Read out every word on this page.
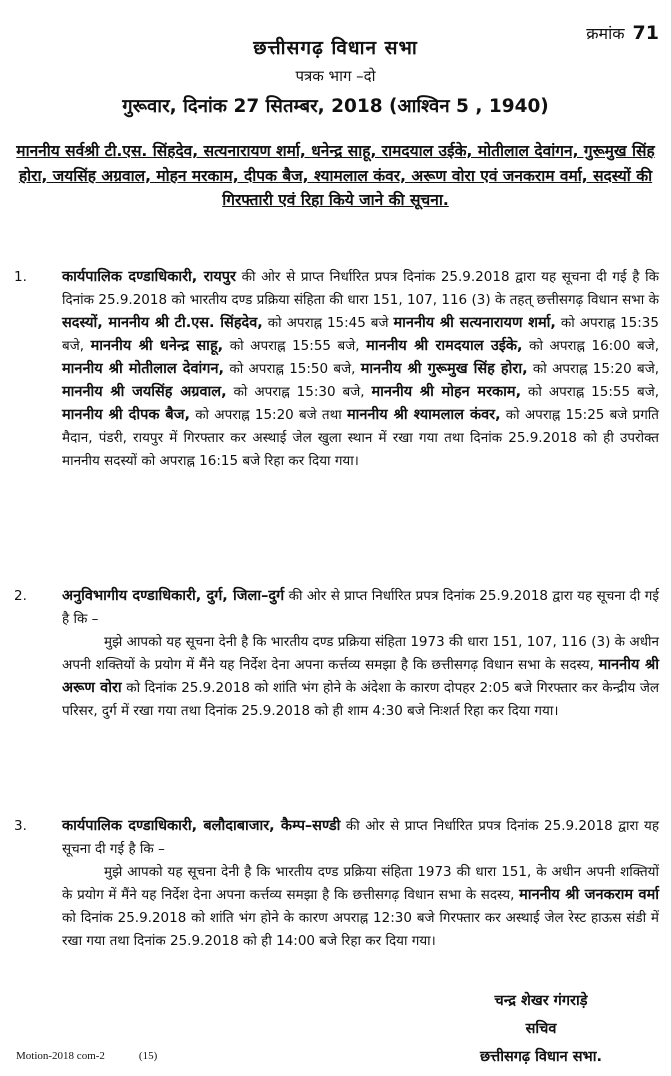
क्रमांक 71
छत्तीसगढ़ विधान सभा
पत्रक भाग –दो
गुरूवार, दिनांक 27 सितम्बर, 2018 (आश्विन 5 , 1940)
माननीय सर्वश्री टी.एस. सिंहदेव, सत्यनारायण शर्मा, धनेन्द्र साहू, रामदयाल उईके, मोतीलाल देवांगन, गुरूमुख सिंह होरा, जयसिंह अग्रवाल, मोहन मरकाम, दीपक बैज, श्यामलाल कंवर, अरूण वोरा एवं जनकराम वर्मा, सदस्यों की गिरफ्तारी एवं रिहा किये जाने की सूचना.
1.	कार्यपालिक दण्डाधिकारी, रायपुर की ओर से प्राप्त निर्धारित प्रपत्र दिनांक 25.9.2018 द्वारा यह सूचना दी गई है कि दिनांक 25.9.2018 को भारतीय दण्ड प्रक्रिया संहिता की धारा 151, 107, 116 (3) के तहत् छत्तीसगढ़ विधान सभा के सदस्यों, माननीय श्री टी.एस. सिंहदेव, को अपराह्न 15:45 बजे माननीय श्री सत्यनारायण शर्मा, को अपराह्न 15:35 बजे, माननीय श्री धनेन्द्र साहू, को अपराह्न 15:55 बजे, माननीय श्री रामदयाल उईके, को अपराह्न 16:00 बजे, माननीय श्री मोतीलाल देवांगन, को अपराह्न 15:50 बजे, माननीय श्री गुरूमुख सिंह होरा, को अपराह्न 15:20 बजे, माननीय श्री जयसिंह अग्रवाल, को अपराह्न 15:30 बजे, माननीय श्री मोहन मरकाम, को अपराह्न 15:55 बजे, माननीय श्री दीपक बैज, को अपराह्न 15:20 बजे तथा माननीय श्री श्यामलाल कंवर, को अपराह्न 15:25 बजे प्रगति मैदान, पंडरी, रायपुर में गिरफ्तार कर अस्थाई जेल खुला स्थान में रखा गया तथा दिनांक 25.9.2018 को ही उपरोक्त माननीय सदस्यों को अपराह्न 16:15 बजे रिहा कर दिया गया।
2.	अनुविभागीय दण्डाधिकारी, दुर्ग, जिला–दुर्ग की ओर से प्राप्त निर्धारित प्रपत्र दिनांक 25.9.2018 द्वारा यह सूचना दी गई है कि –
मुझे आपको यह सूचना देनी है कि भारतीय दण्ड प्रक्रिया संहिता 1973 की धारा 151, 107, 116 (3) के अधीन अपनी शक्तियों के प्रयोग में मैंने यह निर्देश देना अपना कर्त्तव्य समझा है कि छत्तीसगढ़ विधान सभा के सदस्य, माननीय श्री अरूण वोरा को दिनांक 25.9.2018 को शांति भंग होने के अंदेशा के कारण दोपहर 2:05 बजे गिरफ्तार कर केन्द्रीय जेल परिसर, दुर्ग में रखा गया तथा दिनांक 25.9.2018 को ही शाम 4:30 बजे निःशर्त रिहा कर दिया गया।
3.	कार्यपालिक दण्डाधिकारी, बलौदाबाजार, कैम्प–सण्डी की ओर से प्राप्त निर्धारित प्रपत्र दिनांक 25.9.2018 द्वारा यह सूचना दी गई है कि –
मुझे आपको यह सूचना देनी है कि भारतीय दण्ड प्रक्रिया संहिता 1973 की धारा 151, के अधीन अपनी शक्तियों के प्रयोग में मैंने यह निर्देश देना अपना कर्त्तव्य समझा है कि छत्तीसगढ़ विधान सभा के सदस्य, माननीय श्री जनकराम वर्मा को दिनांक 25.9.2018 को शांति भंग होने के कारण अपराह्न 12:30 बजे गिरफ्तार कर अस्थाई जेल रेस्ट हाऊस संडी में रखा गया तथा दिनांक 25.9.2018 को ही 14:00 बजे रिहा कर दिया गया।
चन्द्र शेखर गंगराड़े
सचिव
छत्तीसगढ़ विधान सभा.
Motion-2018 com-2	(15)
